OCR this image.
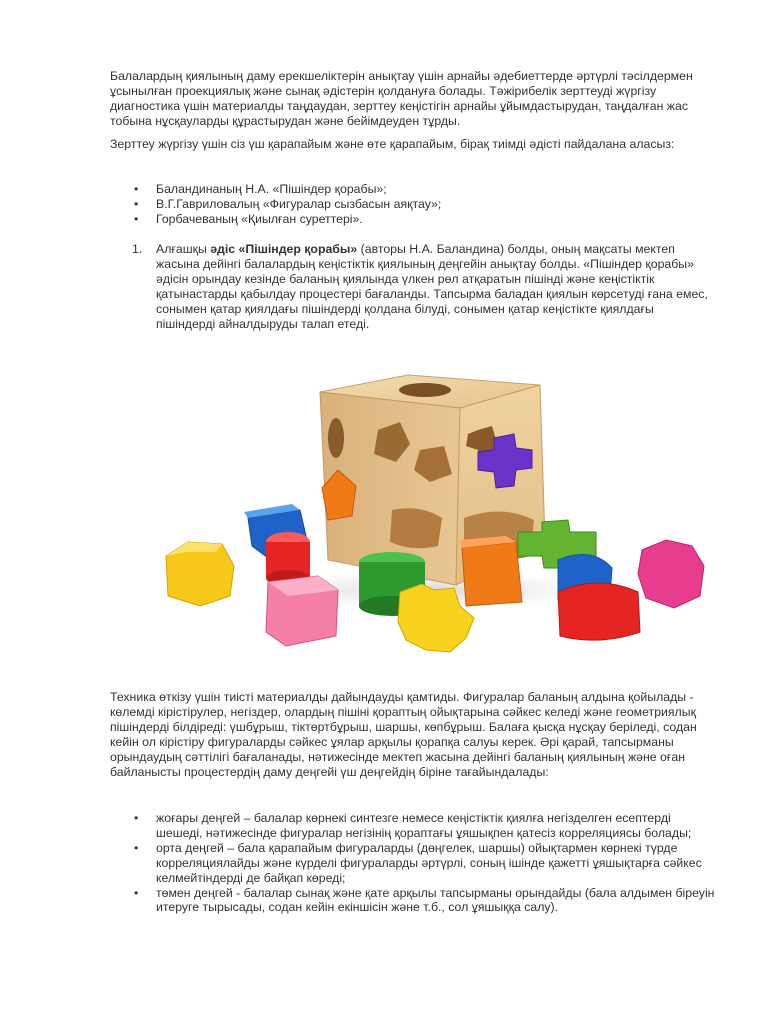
Балалардың қиялының даму ерекшеліктерін анықтау үшін арнайы әдебиеттерде әртүрлі тәсілдермен ұсынылған проекциялық және сынақ әдістерін қолдануға болады. Тәжірибелік зерттеуді жүргізу диагностика үшін материалды таңдаудан, зерттеу кеңістігін арнайы ұйымдастырудан, таңдалған жас тобына нұсқауларды құрастырудан және бейімдеуден тұрды.

Зерттеу жүргізу үшін сіз үш қарапайым және өте қарапайым, бірақ тиімді әдісті пайдалана аласыз:

• Баландинаның Н.А. «Пішіндер қорабы»;
• В.Г.Гавриловалың «Фигуралар сызбасын аяқтау»;
• Горбачеваның «Қиылған суреттері».
1. Алғашқы әдіс «Пішіндер қорабы» (авторы Н.А. Баландина) болды, оның мақсаты мектеп жасына дейінгі балалардың кеңістіктік қиялының деңгейін анықтау болды. «Пішіндер қорабы» әдісін орындау кезінде баланың қиялында үлкен рөл атқаратын пішінді және кеңістіктік қатынастарды қабылдау процестері бағаланды. Тапсырма баладан қиялын көрсетуді ғана емес, сонымен қатар қиялдағы пішіндерді қолдана білуді, сонымен қатар кеңістікте қиялдағы пішіндерді айналдыруды талап етеді.

Техника өткізу үшін тиісті материалды дайындауды қамтиды. Фигуралар баланың алдына қойылады - көлемді кірістірулер, негіздер, олардың пішіні қораптың ойықтарына сәйкес келеді және геометриялық пішіндерді білдіреді: үшбұрыш, тіктөртбұрыш, шаршы, көпбұрыш. Балаға қысқа нұсқау беріледі, содан кейін ол кірістіру фигураларды сәйкес ұялар арқылы қорапқа салуы керек. Әрі қарай, тапсырманы орындаудың сәттілігі бағаланады, нәтижесінде мектеп жасына дейінгі баланың қиялының және оған байланысты процестердің даму деңгейі үш деңгейдің біріне тағайындалады:

• жоғары деңгей – балалар көрнекі синтезге немесе кеңістіктік қиялға негізделген есептерді шешеді, нәтижесінде фигуралар негізінің қораптағы ұяшықпен қатесіз корреляциясы болады;
• орта деңгей – бала қарапайым фигураларды (дөңгелек, шаршы) ойықтармен көрнекі түрде корреляциялайды және күрделі фигураларды әртүрлі, соның ішінде қажетті ұяшықтарға сәйкес келмейтіндерді де байқап көреді;
• төмен деңгей - балалар сынақ және қате арқылы тапсырманы орындайды (бала алдымен біреуін итеруге тырысады, содан кейін екіншісін және т.б., сол ұяшыққа салу).
